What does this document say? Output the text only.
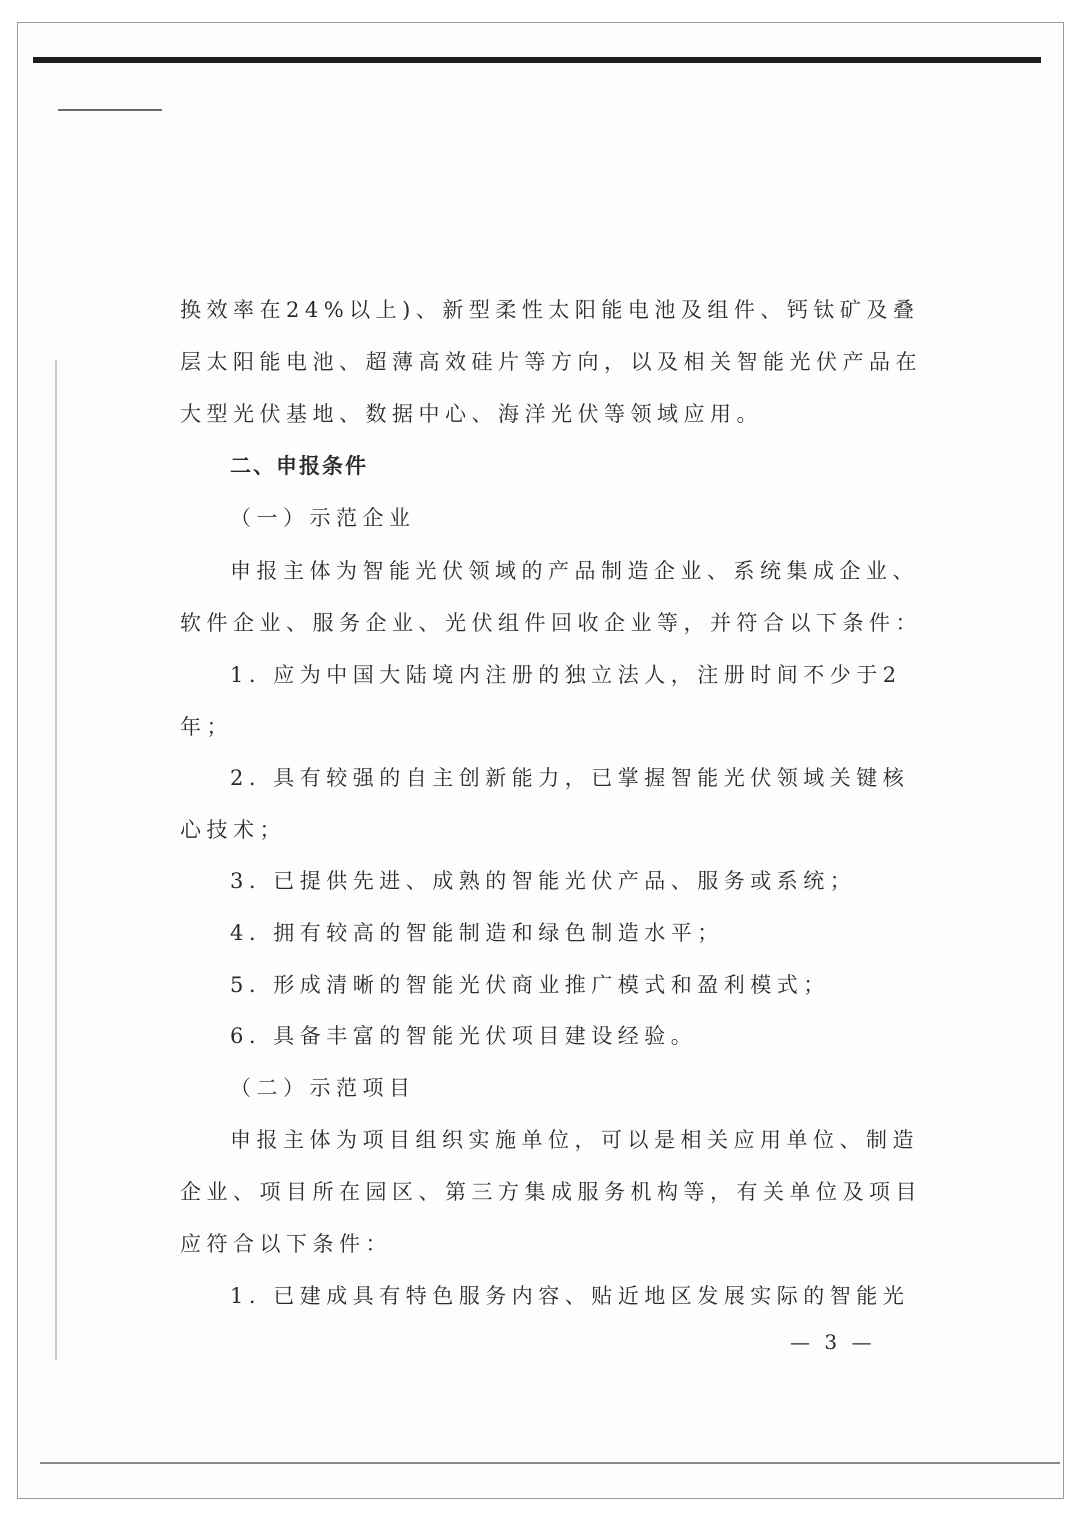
换效率在24%以上)、新型柔性太阳能电池及组件、钙钛矿及叠
层太阳能电池、超薄高效硅片等方向，以及相关智能光伏产品在
大型光伏基地、数据中心、海洋光伏等领域应用。
二、申报条件
（一）示范企业
申报主体为智能光伏领域的产品制造企业、系统集成企业、
软件企业、服务企业、光伏组件回收企业等，并符合以下条件：
1. 应为中国大陆境内注册的独立法人，注册时间不少于2
年；
2. 具有较强的自主创新能力，已掌握智能光伏领域关键核
心技术；
3. 已提供先进、成熟的智能光伏产品、服务或系统；
4. 拥有较高的智能制造和绿色制造水平；
5. 形成清晰的智能光伏商业推广模式和盈利模式；
6. 具备丰富的智能光伏项目建设经验。
（二）示范项目
申报主体为项目组织实施单位，可以是相关应用单位、制造
企业、项目所在园区、第三方集成服务机构等，有关单位及项目
应符合以下条件：
1. 已建成具有特色服务内容、贴近地区发展实际的智能光
— 3 —
